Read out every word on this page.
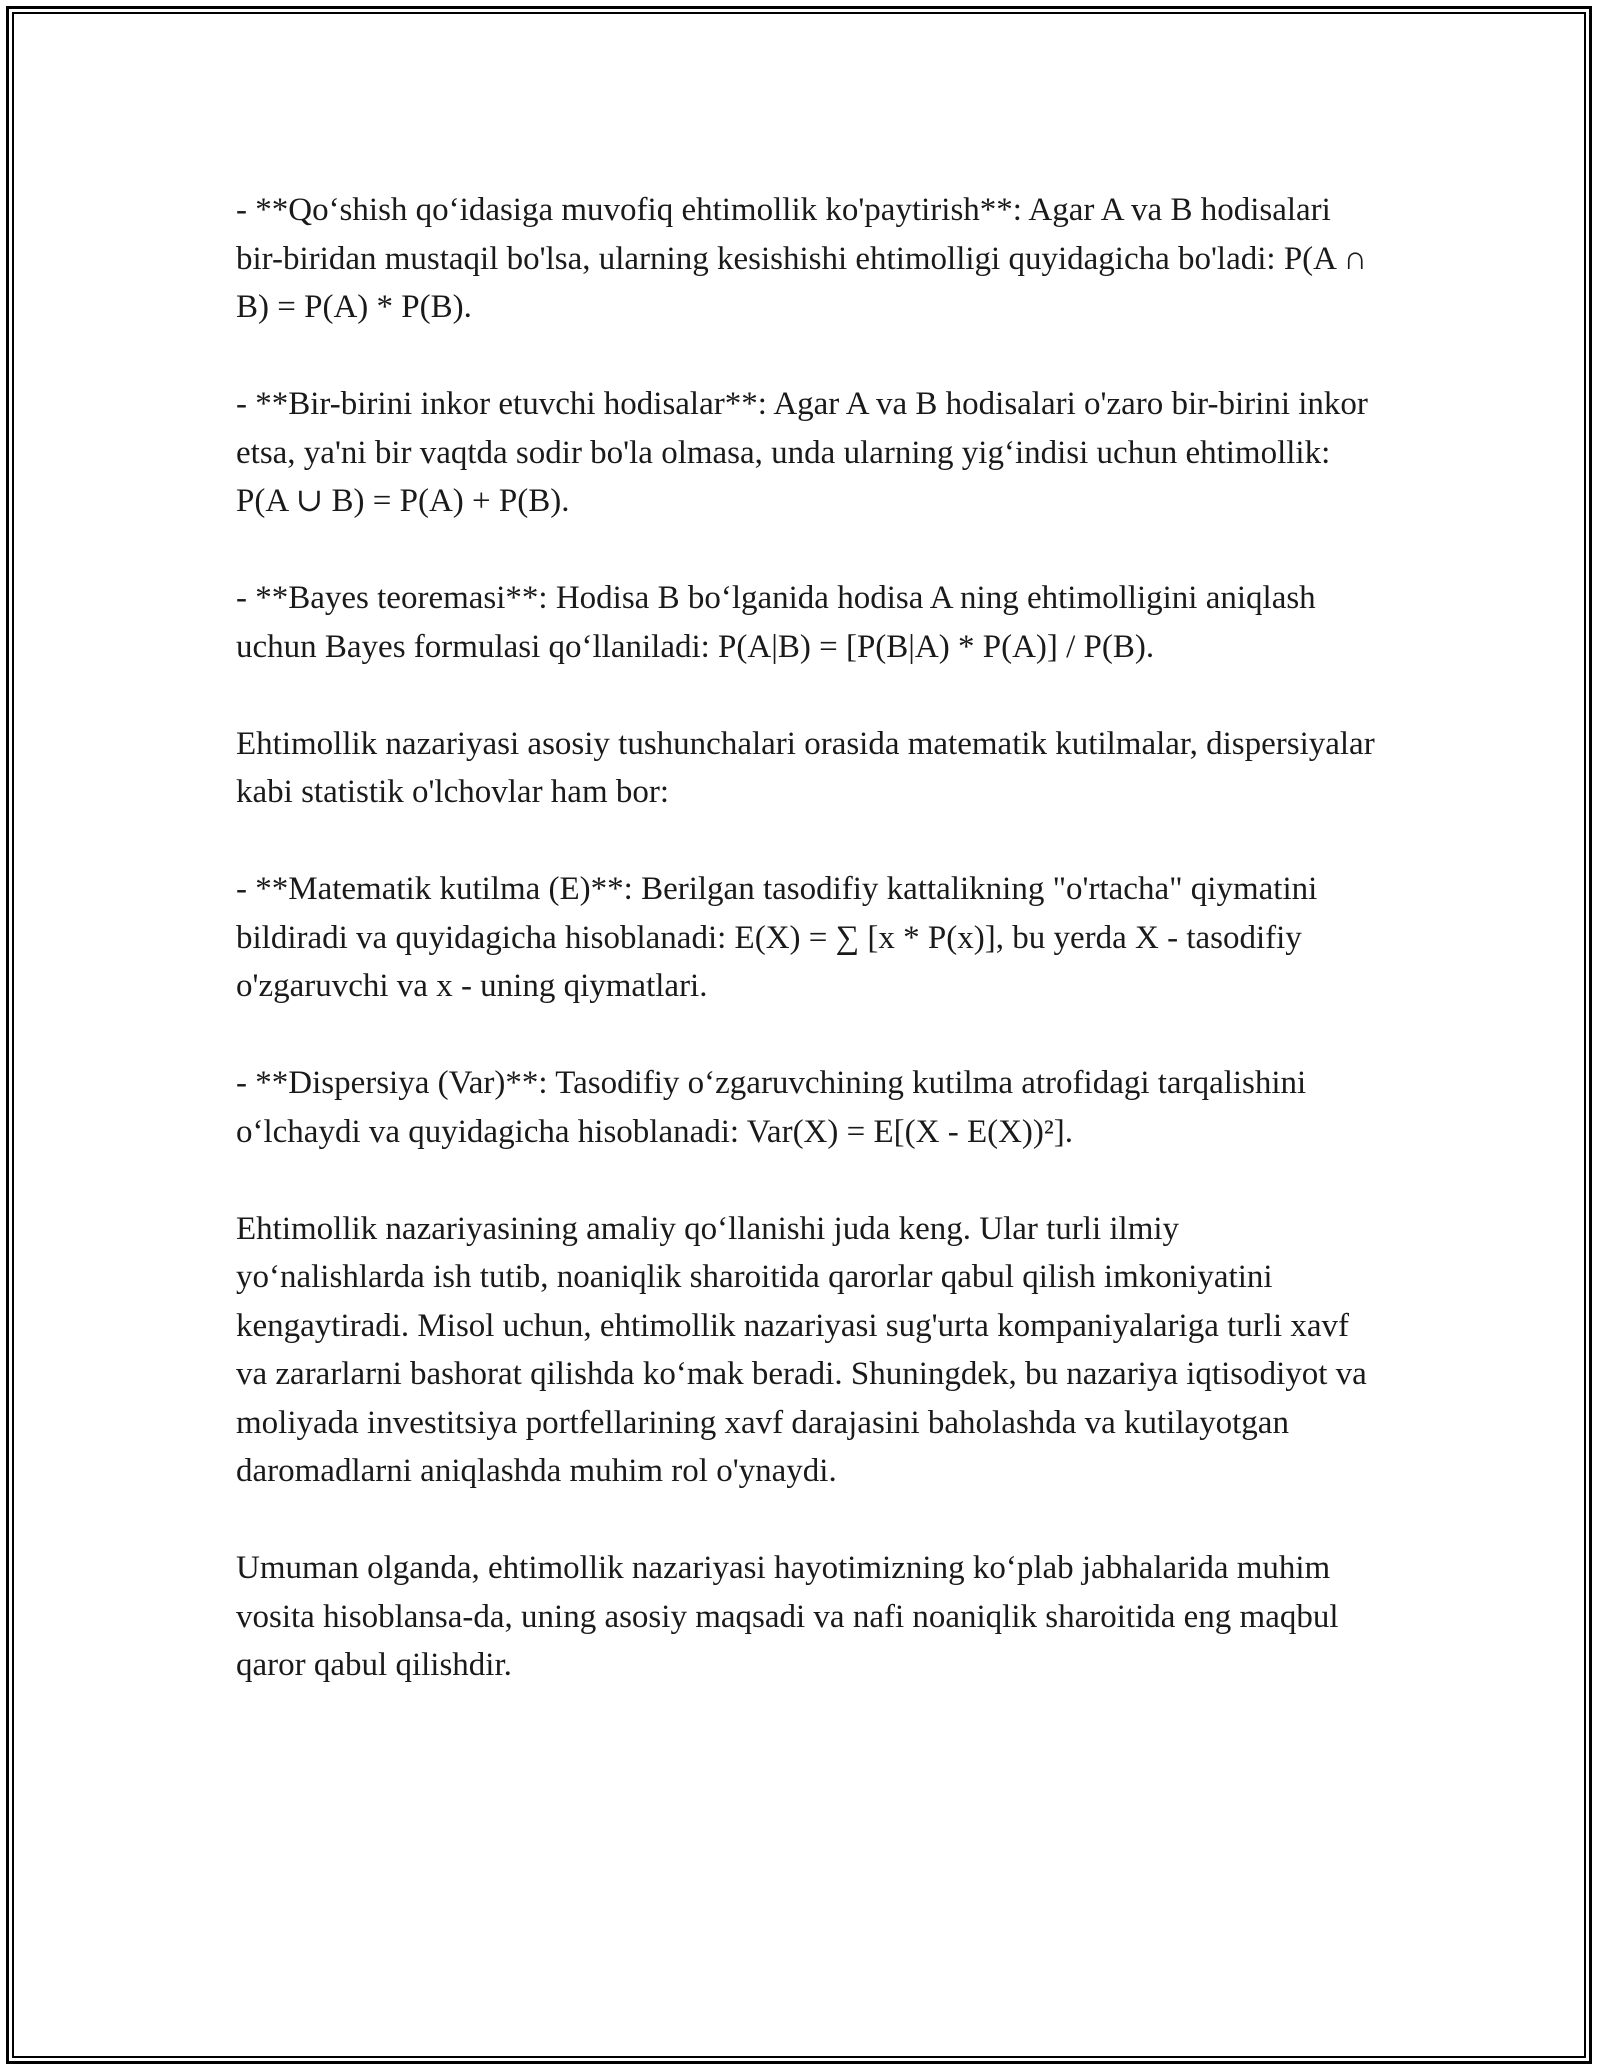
- **Qo‘shish qo‘idasiga muvofiq ehtimollik ko'paytirish**: Agar A va B hodisalari bir-biridan mustaqil bo'lsa, ularning kesishishi ehtimolligi quyidagicha bo'ladi: P(A ∩ B) = P(A) * P(B).

- **Bir-birini inkor etuvchi hodisalar**: Agar A va B hodisalari o'zaro bir-birini inkor etsa, ya'ni bir vaqtda sodir bo'la olmasa, unda ularning yig‘indisi uchun ehtimollik: P(A ∪ B) = P(A) + P(B).

- **Bayes teoremasi**: Hodisa B bo‘lganida hodisa A ning ehtimolligini aniqlash uchun Bayes formulasi qo‘llaniladi: P(A|B) = [P(B|A) * P(A)] / P(B).

Ehtimollik nazariyasi asosiy tushunchalari orasida matematik kutilmalar, dispersiyalar kabi statistik o'lchovlar ham bor:

- **Matematik kutilma (E)**: Berilgan tasodifiy kattalikning "o'rtacha" qiymatini bildiradi va quyidagicha hisoblanadi: E(X) = ∑ [x * P(x)], bu yerda X - tasodifiy o'zgaruvchi va x - uning qiymatlari.

- **Dispersiya (Var)**: Tasodifiy o‘zgaruvchining kutilma atrofidagi tarqalishini o‘lchaydi va quyidagicha hisoblanadi: Var(X) = E[(X - E(X))²].

Ehtimollik nazariyasining amaliy qo‘llanishi juda keng. Ular turli ilmiy yo‘nalishlarda ish tutib, noaniqlik sharoitida qarorlar qabul qilish imkoniyatini kengaytiradi. Misol uchun, ehtimollik nazariyasi sug'urta kompaniyalariga turli xavf va zararlarni bashorat qilishda ko‘mak beradi. Shuningdek, bu nazariya iqtisodiyot va moliyada investitsiya portfellarining xavf darajasini baholashda va kutilayotgan daromadlarni aniqlashda muhim rol o'ynaydi.

Umuman olganda, ehtimollik nazariyasi hayotimizning ko‘plab jabhalarida muhim vosita hisoblansa-da, uning asosiy maqsadi va nafi noaniqlik sharoitida eng maqbul qaror qabul qilishdir.
